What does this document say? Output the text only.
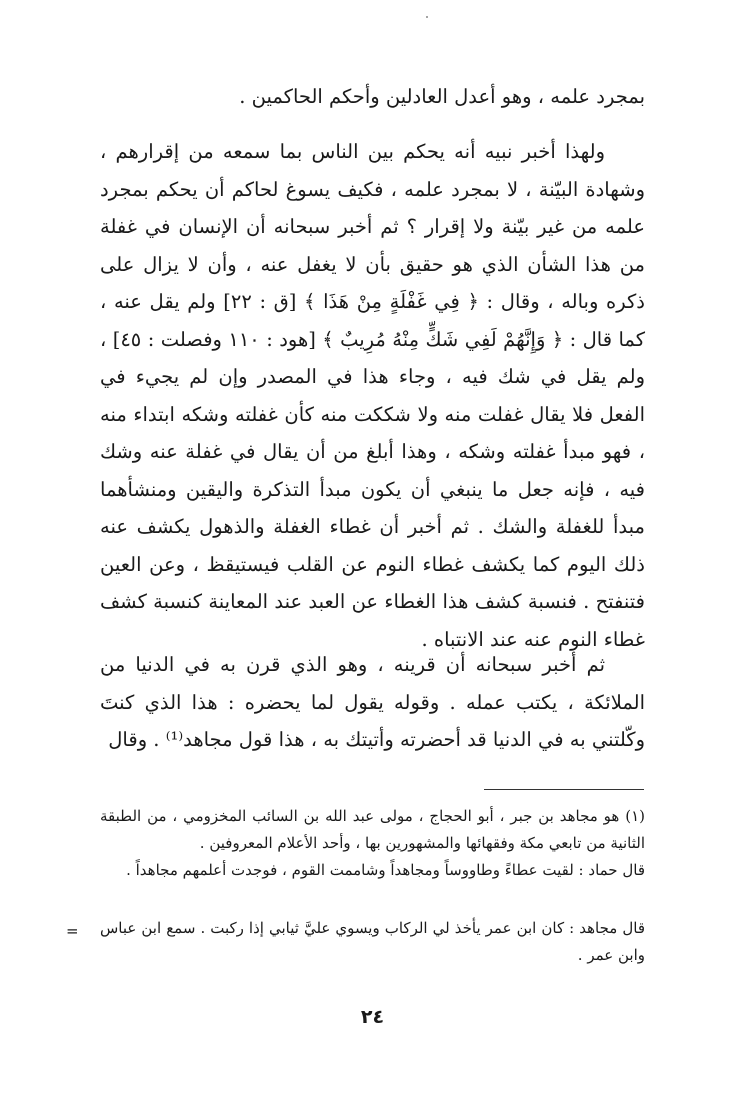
بمجرد علمه ، وهو أعدل العادلين وأحكم الحاكمين .

ولهذا أخبر نبيه أنه يحكم بين الناس بما سمعه من إقرارهم ، وشهادة البيّنة ، لا بمجرد علمه ، فكيف يسوغ لحاكم أن يحكم بمجرد علمه من غير بيّنة ولا إقرار ؟ ثم أخبر سبحانه أن الإنسان في غفلة من هذا الشأن الذي هو حقيق بأن لا يغفل عنه ، وأن لا يزال على ذكره وباله ، وقال : ﴿ فِي غَفْلَةٍ مِنْ هَذَا ﴾ [ق : ٢٢] ولم يقل عنه ، كما قال : ﴿ وَإِنَّهُمْ لَفِي شَكٍّ مِنْهُ مُرِيبٌ ﴾ [هود : ١١٠ وفصلت : ٤٥] ، ولم يقل في شك فيه ، وجاء هذا في المصدر وإن لم يجيء في الفعل فلا يقال غفلت منه ولا شككت منه كأن غفلته وشكه ابتداء منه ، فهو مبدأ غفلته وشكه ، وهذا أبلغ من أن يقال في غفلة عنه وشك فيه ، فإنه جعل ما ينبغي أن يكون مبدأ التذكرة واليقين ومنشأهما مبدأ للغفلة والشك . ثم أخبر أن غطاء الغفلة والذهول يكشف عنه ذلك اليوم كما يكشف غطاء النوم عن القلب فيستيقظ ، وعن العين فتنفتح . فنسبة كشف هذا الغطاء عن العبد عند المعاينة كنسبة كشف غطاء النوم عنه عند الانتباه .

ثم أخبر سبحانه أن قرينه ، وهو الذي قرن به في الدنيا من الملائكة ، يكتب عمله . وقوله يقول لما يحضره : هذا الذي كنتَ وكّلتني به في الدنيا قد أحضرته وأتيتك به ، هذا قول مجاهد⁽¹⁾ . وقال

(١) هو مجاهد بن جبر ، أبو الحجاج ، مولى عبد الله بن السائب المخزومي ، من الطبقة الثانية من تابعي مكة وفقهائها والمشهورين بها ، وأحد الأعلام المعروفين .

قال حماد : لقيت عطاءً وطاووساً ومجاهداً وشاممت القوم ، فوجدت أعلمهم مجاهداً .

قال مجاهد : كان ابن عمر يأخذ لي الركاب ويسوي عليَّ ثيابي إذا ركبت . سمع ابن عباس وابن عمر .

=
٢٤
